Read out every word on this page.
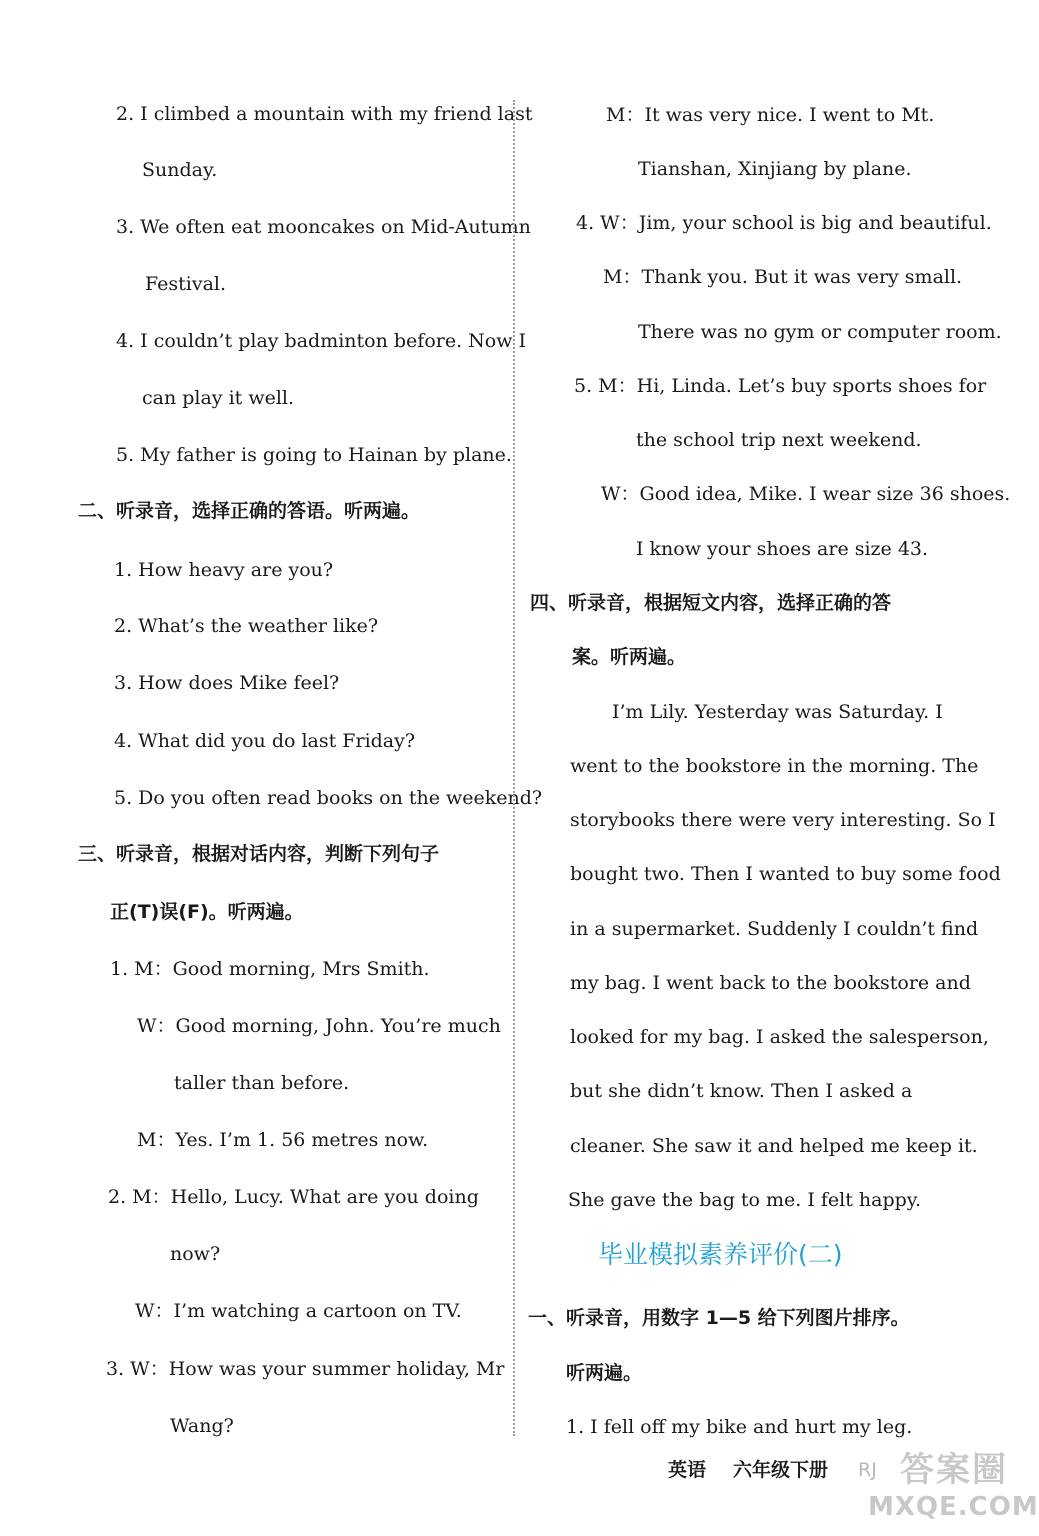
2. I climbed a mountain with my friend last
Sunday.
3. We often eat mooncakes on Mid-Autumn
Festival.
4. I couldn’t play badminton before. Now I
can play it well.
5. My father is going to Hainan by plane.
二、听录音，选择正确的答语。听两遍。
1. How heavy are you?
2. What’s the weather like?
3. How does Mike feel?
4. What did you do last Friday?
5. Do you often read books on the weekend?
三、听录音，根据对话内容，判断下列句子
正(T)误(F)。听两遍。
1. M：Good morning, Mrs Smith.
W：Good morning, John. You’re much
taller than before.
M：Yes. I’m 1. 56 metres now.
2. M：Hello, Lucy. What are you doing
now?
W：I’m watching a cartoon on TV.
3. W：How was your summer holiday, Mr
Wang?
M：It was very nice. I went to Mt.
Tianshan, Xinjiang by plane.
4. W：Jim, your school is big and beautiful.
M：Thank you. But it was very small.
There was no gym or computer room.
5. M：Hi, Linda. Let’s buy sports shoes for
the school trip next weekend.
W：Good idea, Mike. I wear size 36 shoes.
I know your shoes are size 43.
四、听录音，根据短文内容，选择正确的答
案。听两遍。
I’m Lily. Yesterday was Saturday. I
went to the bookstore in the morning. The
storybooks there were very interesting. So I
bought two. Then I wanted to buy some food
in a supermarket. Suddenly I couldn’t find
my bag. I went back to the bookstore and
looked for my bag. I asked the salesperson,
but she didn’t know. Then I asked a
cleaner. She saw it and helped me keep it.
She gave the bag to me. I felt happy.
毕业模拟素养评价(二)
一、听录音，用数字 1—5 给下列图片排序。
听两遍。
1. I fell off my bike and hurt my leg.
英语 六年级下册 RJ 答案圈
MXQE.COM
